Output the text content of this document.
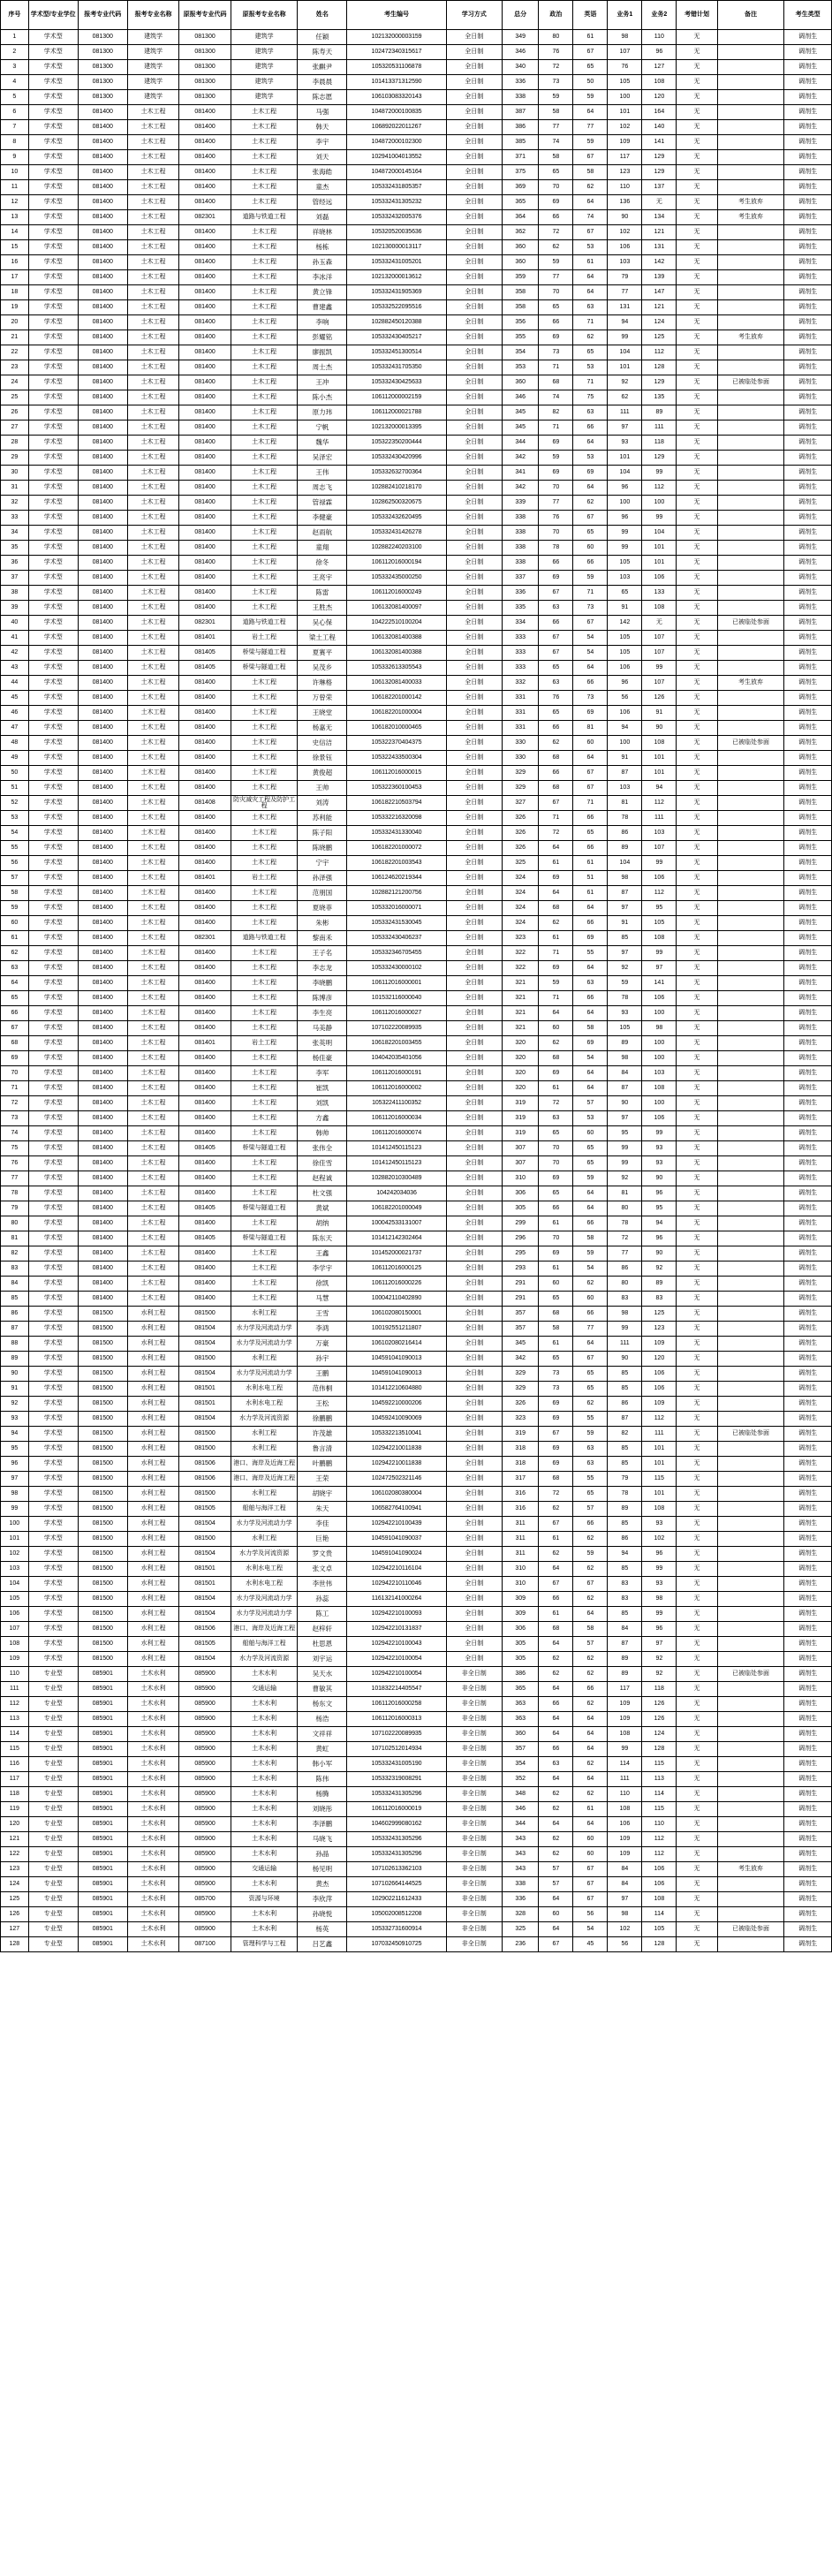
序号	学术型/专业学位	报考专业代码	报考专业名称	原报考专业代码	原报考专业名称	姓名	考生编号	学习方式	总分	政治	英语	业务1	业务2	考错计划	备注	考生类型
1	学术型	081300	建筑学	081300	建筑学	任颖	102132000003159	全日制	349	80	61	98	110	无		调剂生
2	学术型	081300	建筑学	081300	建筑学	陈寿天	102472340315617	全日制	346	76	67	107	96	无		调剂生
3	学术型	081300	建筑学	081300	建筑学	张麒尹	105320531106878	全日制	340	72	65	76	127	无		调剂生
4	学术型	081300	建筑学	081300	建筑学	李晨晨	101413371312590	全日制	336	73	50	105	108	无		调剂生
5	学术型	081300	建筑学	081300	建筑学	陈志愿	106103083320143	全日制	338	59	59	100	120	无		调剂生
6	学术型	081400	土木工程	081400	土木工程	马强	104872000100835	全日制	387	58	64	101	164	无		调剂生
7	学术型	081400	土木工程	081400	土木工程	韩天	106892022011267	全日制	386	77	77	102	140	无		调剂生
8	学术型	081400	土木工程	081400	土木工程	李宇	104872000102300	全日制	385	74	59	109	141	无		调剂生
9	学术型	081400	土木工程	081400	土木工程	刘天	102941004013552	全日制	371	58	67	117	129	无		调剂生
10	学术型	081400	土木工程	081400	土木工程	张海皓	104872000145164	全日制	375	65	58	123	129	无		调剂生
11	学术型	081400	土木工程	081400	土木工程	童杰	105332431805357	全日制	369	70	62	110	137	无		调剂生
12	学术型	081400	土木工程	081400	土木工程	管经远	105332431305232	全日制	365	69	64	136	无	无	考生放弃	调剂生
13	学术型	081400	土木工程	082301	道路与铁道工程	刘磊	105332432005376	全日制	364	66	74	90	134	无	考生放弃	调剂生
14	学术型	081400	土木工程	081400	土木工程	祥晓林	105320520035636	全日制	362	72	67	102	121	无		调剂生
15	学术型	081400	土木工程	081400	土木工程	杨栋	102130000013117	全日制	360	62	53	106	131	无		调剂生
16	学术型	081400	土木工程	081400	土木工程	孙玉森	105332431005201	全日制	360	59	61	103	142	无		调剂生
17	学术型	081400	土木工程	081400	土木工程	李冰洋	102132000013612	全日制	359	77	64	79	139	无		调剂生
18	学术型	081400	土木工程	081400	土木工程	黄立锋	105332431905369	全日制	358	70	64	77	147	无		调剂生
19	学术型	081400	土木工程	081400	土木工程	曹建鑫	105332522095516	全日制	358	65	63	131	121	无		调剂生
20	学术型	081400	土木工程	081400	土木工程	李响	102882450120388	全日制	356	66	71	94	124	无		调剂生
21	学术型	081400	土木工程	081400	土木工程	彭耀铭	105332430405217	全日制	355	69	62	99	125	无	考生放弃	调剂生
22	学术型	081400	土木工程	081400	土木工程	廖振凯	105332451300514	全日制	354	73	65	104	112	无		调剂生
23	学术型	081400	土木工程	081400	土木工程	周士杰	105332431705350	全日制	353	71	53	101	128	无		调剂生
24	学术型	081400	土木工程	081400	土木工程	王冲	105332430425633	全日制	360	68	71	92	129	无	已被临处参面	调剂生
25	学术型	081400	土木工程	081400	土木工程	陈小杰	106112000002159	全日制	346	74	75	62	135	无		调剂生
26	学术型	081400	土木工程	081400	土木工程	原力玮	106112000021788	全日制	345	82	63	111	89	无		调剂生
27	学术型	081400	土木工程	081400	土木工程	宁帆	102132000013395	全日制	345	71	66	97	111	无		调剂生
28	学术型	081400	土木工程	081400	土木工程	魏华	105322350200444	全日制	344	69	64	93	118	无		调剂生
29	学术型	081400	土木工程	081400	土木工程	吴泽宏	105332430420996	全日制	342	59	53	101	129	无		调剂生
30	学术型	081400	土木工程	081400	土木工程	王伟	105332632700364	全日制	341	69	69	104	99	无		调剂生
31	学术型	081400	土木工程	081400	土木工程	周志飞	102882410218170	全日制	342	70	64	96	112	无		调剂生
32	学术型	081400	土木工程	081400	土木工程	管禄霖	102862500320675	全日制	339	77	62	100	100	无		调剂生
33	学术型	081400	土木工程	081400	土木工程	李健豪	105332432620495	全日制	338	76	67	96	99	无		调剂生
34	学术型	081400	土木工程	081400	土木工程	赵雨航	105332431426278	全日制	338	70	65	99	104	无		调剂生
35	学术型	081400	土木工程	081400	土木工程	童翔	102882240203100	全日制	338	78	60	99	101	无		调剂生
36	学术型	081400	土木工程	081400	土木工程	徐冬	106112016000194	全日制	338	66	66	105	101	无		调剂生
37	学术型	081400	土木工程	081400	土木工程	王亮宇	105332435000250	全日制	337	69	59	103	106	无		调剂生
38	学术型	081400	土木工程	081400	土木工程	陈雷	106112016000249	全日制	336	67	71	65	133	无		调剂生
39	学术型	081400	土木工程	081400	土木工程	王胜杰	106132081400097	全日制	335	63	73	91	108	无		调剂生
40	学术型	081400	土木工程	082301	道路与铁道工程	吴心保	104222510100204	全日制	334	66	67	142	无	无	已被临处参面	调剂生
41	学术型	081400	土木工程	081401	岩土工程	梁土工程	106132081400388	全日制	333	67	54	105	107	无		调剂生
42	学术型	081400	土木工程	081405	桥梁与隧道工程	夏赛平	106132081400388	全日制	333	67	54	105	107	无		调剂生
43	学术型	081400	土木工程	081405	桥梁与隧道工程	吴茂乡	105332613305543	全日制	333	65	64	106	99	无		调剂生
44	学术型	081400	土木工程	081400	土木工程	许琳格	106132081400033	全日制	332	63	66	96	107	无	考生放弃	调剂生
45	学术型	081400	土木工程	081400	土木工程	万曾荣	106182201000142	全日制	331	76	73	56	126	无		调剂生
46	学术型	081400	土木工程	081400	土木工程	王晓堂	106182201000004	全日制	331	65	69	106	91	无		调剂生
47	学术型	081400	土木工程	081400	土木工程	杨嘉无	106182010000465	全日制	331	66	81	94	90	无		调剂生
48	学术型	081400	土木工程	081400	土木工程	史信洁	105322370404375	全日制	330	62	60	100	108	无	已被临处参面	调剂生
49	学术型	081400	土木工程	081400	土木工程	徐景钰	105322433500304	全日制	330	68	64	91	101	无		调剂生
50	学术型	081400	土木工程	081400	土木工程	黄俊超	106112016000015	全日制	329	66	67	87	101	无		调剂生
51	学术型	081400	土木工程	081400	土木工程	王帅	105322360100453	全日制	329	68	67	103	94	无		调剂生
52	学术型	081400	土木工程	081408	防灾减灾工程及防护工程	刘涛	106182210503794	全日制	327	67	71	81	112	无		调剂生
53	学术型	081400	土木工程	081400	土木工程	苏利能	105332216320098	全日制	326	71	66	78	111	无		调剂生
54	学术型	081400	土木工程	081400	土木工程	陈子阳	105332431330040	全日制	326	72	65	86	103	无		调剂生
55	学术型	081400	土木工程	081400	土木工程	陈晓鹏	106182201000072	全日制	326	64	66	89	107	无		调剂生
56	学术型	081400	土木工程	081400	土木工程	宁宇	106182201003543	全日制	325	61	61	104	99	无		调剂生
57	学术型	081400	土木工程	081401	岩土工程	孙泽强	106124620219344	全日制	324	69	51	98	106	无		调剂生
58	学术型	081400	土木工程	081400	土木工程	范朋国	102882121200756	全日制	324	64	61	87	112	无		调剂生
59	学术型	081400	土木工程	081400	土木工程	夏晓菲	105332016000071	全日制	324	68	64	97	95	无		调剂生
60	学术型	081400	土木工程	081400	土木工程	朱彬	105332431530045	全日制	324	62	66	91	105	无		调剂生
61	学术型	081400	土木工程	082301	道路与铁道工程	黎南禾	105332430406237	全日制	323	61	69	85	108	无		调剂生
62	学术型	081400	土木工程	081400	土木工程	王子名	105332346705455	全日制	322	71	55	97	99	无		调剂生
63	学术型	081400	土木工程	081400	土木工程	李志龙	105332430000102	全日制	322	69	64	92	97	无		调剂生
64	学术型	081400	土木工程	081400	土木工程	李晓鹏	106112016000001	全日制	321	59	63	59	141	无		调剂生
65	学术型	081400	土木工程	081400	土木工程	陈博彦	101532116000040	全日制	321	71	66	78	106	无		调剂生
66	学术型	081400	土木工程	081400	土木工程	李生亮	106112016000027	全日制	321	64	64	93	100	无		调剂生
67	学术型	081400	土木工程	081400	土木工程	马美静	107102220089935	全日制	321	60	58	105	98	无		调剂生
68	学术型	081400	土木工程	081401	岩土工程	张英明	106182201003455	全日制	320	62	69	89	100	无		调剂生
69	学术型	081400	土木工程	081400	土木工程	杨佳豪	104042035401056	全日制	320	68	54	98	100	无		调剂生
70	学术型	081400	土木工程	081400	土木工程	李军	106112016000191	全日制	320	69	64	84	103	无		调剂生
71	学术型	081400	土木工程	081400	土木工程	崔凯	106112016000002	全日制	320	61	64	87	108	无		调剂生
72	学术型	081400	土木工程	081400	土木工程	刘凯	105322411100352	全日制	319	72	57	90	100	无		调剂生
73	学术型	081400	土木工程	081400	土木工程	方鑫	106112016000034	全日制	319	63	53	97	106	无		调剂生
74	学术型	081400	土木工程	081400	土木工程	韩帅	106112016000074	全日制	319	65	60	95	99	无		调剂生
75	学术型	081400	土木工程	081405	桥梁与隧道工程	张伟全	101412450115123	全日制	307	70	65	99	93	无		调剂生
76	学术型	081400	土木工程	081400	土木工程	徐佳雪	101412450115123	全日制	307	70	65	99	93	无		调剂生
77	学术型	081400	土木工程	081400	土木工程	赵程诚	102882010300489	全日制	310	69	59	92	90	无		调剂生
78	学术型	081400	土木工程	081400	土木工程	杜文强	104242034036	全日制	306	65	64	81	96	无		调剂生
79	学术型	081400	土木工程	081405	桥梁与隧道工程	黄斌	106182201000049	全日制	305	66	64	80	95	无		调剂生
80	学术型	081400	土木工程	081400	土木工程	胡纳	100042533131007	全日制	299	61	66	78	94	无		调剂生
81	学术型	081400	土木工程	081405	桥梁与隧道工程	陈东天	101412142302464	全日制	296	70	58	72	96	无		调剂生
82	学术型	081400	土木工程	081400	土木工程	王鑫	101452000021737	全日制	295	69	59	77	90	无		调剂生
83	学术型	081400	土木工程	081400	土木工程	李学宇	106112016000125	全日制	293	61	54	86	92	无		调剂生
84	学术型	081400	土木工程	081400	土木工程	徐凯	106112016000226	全日制	291	60	62	80	89	无		调剂生
85	学术型	081400	土木工程	081400	土木工程	马慧	100042110402890	全日制	291	65	60	83	83	无		调剂生
86	学术型	081500	水利工程	081500	水利工程	王雪	106102080150001	全日制	357	68	66	98	125	无		调剂生
87	学术型	081500	水利工程	081504	水力学及河流动力学	李鸿	100192551211807	全日制	357	58	77	99	123	无		调剂生
88	学术型	081500	水利工程	081504	水力学及河流动力学	万豪	106102080216414	全日制	345	61	64	111	109	无		调剂生
89	学术型	081500	水利工程	081500	水利工程	孙宇	104591041090013	全日制	342	65	67	90	120	无		调剂生
90	学术型	081500	水利工程	081504	水力学及河流动力学	王鹏	104591041090013	全日制	329	73	65	85	106	无		调剂生
91	学术型	081500	水利工程	081501	水利水电工程	范伟桐	101412210604880	全日制	329	73	65	85	106	无		调剂生
92	学术型	081500	水利工程	081501	水利水电工程	王松	104592210000206	全日制	326	69	62	86	109	无		调剂生
93	学术型	081500	水利工程	081504	水力学及河流资源	徐鹏鹏	104592410090069	全日制	323	69	55	87	112	无		调剂生
94	学术型	081500	水利工程	081500	水利工程	许茂雄	105332213510041	全日制	319	67	59	82	111	无	已被临处参面	调剂生
95	学术型	081500	水利工程	081500	水利工程	鲁言清	102942210011838	全日制	318	69	63	85	101	无		调剂生
96	学术型	081500	水利工程	081506	港口、海岸及近海工程	叶鹏鹏	102942210011838	全日制	318	69	63	85	101	无		调剂生
97	学术型	081500	水利工程	081506	港口、海岸及近海工程	王荣	102472502321146	全日制	317	68	55	79	115	无		调剂生
98	学术型	081500	水利工程	081500	水利工程	胡晓宇	106102080380004	全日制	316	72	65	78	101	无		调剂生
99	学术型	081500	水利工程	081505	船舶与海洋工程	朱天	106582764100941	全日制	316	62	57	89	108	无		调剂生
100	学术型	081500	水利工程	081504	水力学及河流动力学	李佳	102942210100439	全日制	311	67	66	85	93	无		调剂生
101	学术型	081500	水利工程	081500	水利工程	巨艳	104591041090037	全日制	311	61	62	86	102	无		调剂生
102	学术型	081500	水利工程	081504	水力学及河流资源	罗文贵	104591041090024	全日制	311	62	59	94	96	无		调剂生
103	学术型	081500	水利工程	081501	水利水电工程	张文卓	102942210116104	全日制	310	64	62	85	99	无		调剂生
104	学术型	081500	水利工程	081501	水利水电工程	李世伟	102942210110046	全日制	310	67	67	83	93	无		调剂生
105	学术型	081500	水利工程	081504	水力学及河流动力学	孙蕊	116132141000264	全日制	309	66	62	83	98	无		调剂生
106	学术型	081500	水利工程	081504	水力学及河流动力学	陈工	102942210100093	全日制	309	61	64	85	99	无		调剂生
107	学术型	081500	水利工程	081506	港口、海岸及近海工程	赵梓轩	102942210131837	全日制	306	68	58	84	96	无		调剂生
108	学术型	081500	水利工程	081505	船舶与海洋工程	杜思恩	102942210100043	全日制	305	64	57	87	97	无		调剂生
109	学术型	081500	水利工程	081504	水力学及河流资源	刘宇运	102942210100054	全日制	305	62	62	89	92	无		调剂生
110	专业型	085901	土木水利	085900	土木水利	吴天水	102942210100054	非全日制	386	62	62	89	92	无	已被临处参面	调剂生
111	专业型	085901	土木水利	085900	交通运输	曹敏其	101832214405547	非全日制	365	64	66	117	118	无		调剂生
112	专业型	085901	土木水利	085900	土木水利	杨东文	106112016000258	非全日制	363	66	62	109	126	无		调剂生
113	专业型	085901	土木水利	085900	土木水利	杨浩	106112016000313	非全日制	363	64	64	109	126	无		调剂生
114	专业型	085901	土木水利	085900	土木水利	文祥祥	107102220089935	非全日制	360	64	64	108	124	无		调剂生
115	专业型	085901	土木水利	085900	土木水利	黄虹	107102512014934	非全日制	357	66	64	99	128	无		调剂生
116	专业型	085901	土木水利	085900	土木水利	韩小军	105332431005190	非全日制	354	63	62	114	115	无		调剂生
117	专业型	085901	土木水利	085900	土木水利	陈伟	105332319008291	非全日制	352	64	64	111	113	无		调剂生
118	专业型	085901	土木水利	085900	土木水利	杨腾	105332431305296	非全日制	348	62	62	110	114	无		调剂生
119	专业型	085901	土木水利	085900	土木水利	刘晓彤	106112016000019	非全日制	346	62	61	108	115	无		调剂生
120	专业型	085901	土木水利	085900	土木水利	李泽鹏	104602999080162	非全日制	344	64	64	106	110	无		调剂生
121	专业型	085901	土木水利	085900	土木水利	马晓飞	105332431305296	非全日制	343	62	60	109	112	无		调剂生
122	专业型	085901	土木水利	085900	土木水利	孙晶	105332431305296	非全日制	343	62	60	109	112	无		调剂生
123	专业型	085901	土木水利	085900	交通运输	杨见明	107102613362103	非全日制	343	57	67	84	106	无	考生放弃	调剂生
124	专业型	085901	土木水利	085900	土木水利	黄杰	107102664144525	非全日制	338	57	67	84	106	无		调剂生
125	专业型	085901	土木水利	085700	资源与环境	李欣萍	102902211612433	非全日制	336	64	67	97	108	无		调剂生
126	专业型	085901	土木水利	085900	土木水利	孙晓悦	105002008512208	非全日制	328	60	56	98	114	无		调剂生
127	专业型	085901	土木水利	085900	土木水利	杨英	105332731600914	非全日制	325	64	54	102	105	无	已被临处参面	调剂生
128	专业型	085901	土木水利	087100	管理科学与工程	吕艺鑫	107032450910725	非全日制	236	67	45	56	128	无		调剂生
